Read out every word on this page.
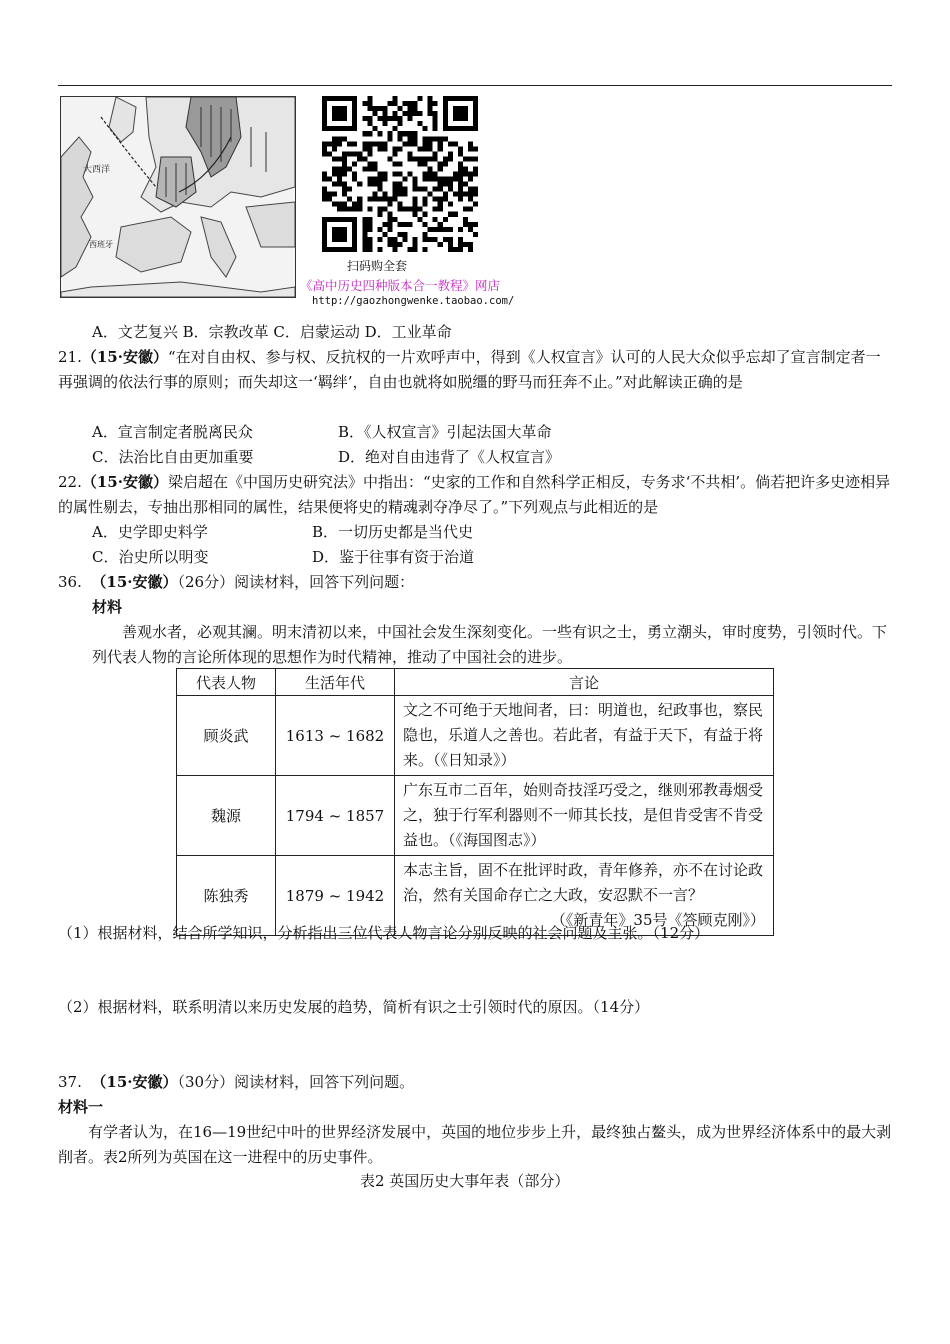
大西洋
西班牙
扫码购全套
《高中历史四种版本合一教程》网店
http://gaozhongwenke.taobao.com/
A．文艺复兴 B．宗教改革 C．启蒙运动 D．工业革命
21.（15·安徽）“在对自由权、参与权、反抗权的一片欢呼声中，得到《人权宣言》认可的人民大众似乎忘却了宣言制定者一再强调的依法行事的原则；而失却这一‘羁绊’，自由也就将如脱缰的野马而狂奔不止。”对此解读正确的是
A．宣言制定者脱离民众	B．《人权宣言》引起法国大革命
C．法治比自由更加重要	D．绝对自由违背了《人权宣言》
22.（15·安徽）梁启超在《中国历史研究法》中指出：“史家的工作和自然科学正相反，专务求‘不共相’。倘若把许多史迹相异的属性剔去，专抽出那相同的属性，结果便将史的精魂剥夺净尽了。”下列观点与此相近的是
A．史学即史料学	B．一切历史都是当代史
C．治史所以明变	D．鉴于往事有资于治道
36. （15·安徽）（26分）阅读材料，回答下列问题：
材料
善观水者，必观其澜。明末清初以来，中国社会发生深刻变化。一些有识之士，勇立潮头，审时度势，引领时代。下列代表人物的言论所体现的思想作为时代精神，推动了中国社会的进步。
代表人物	生活年代	言论
顾炎武	1613 ~ 1682	文之不可绝于天地间者，曰：明道也，纪政事也，察民隐也，乐道人之善也。若此者，有益于天下，有益于将来。（《日知录》）
魏源	1794 ~ 1857	广东互市二百年，始则奇技淫巧受之，继则邪教毒烟受之，独于行军利器则不一师其长技，是但肯受害不肯受益也。（《海国图志》）
陈独秀	1879 ~ 1942	本志主旨，固不在批评时政，青年修养，亦不在讨论政治，然有关国命存亡之大政，安忍默不一言？
（《新青年》35号《答顾克刚》）
（1）根据材料，结合所学知识，分析指出三位代表人物言论分别反映的社会问题及主张。（12分）
（2）根据材料，联系明清以来历史发展的趋势，简析有识之士引领时代的原因。（14分）
37. （15·安徽）（30分）阅读材料，回答下列问题。
材料一
有学者认为，在16—19世纪中叶的世界经济发展中，英国的地位步步上升，最终独占鳌头，成为世界经济体系中的最大剥削者。表2所列为英国在这一进程中的历史事件。
表2 英国历史大事年表（部分）
